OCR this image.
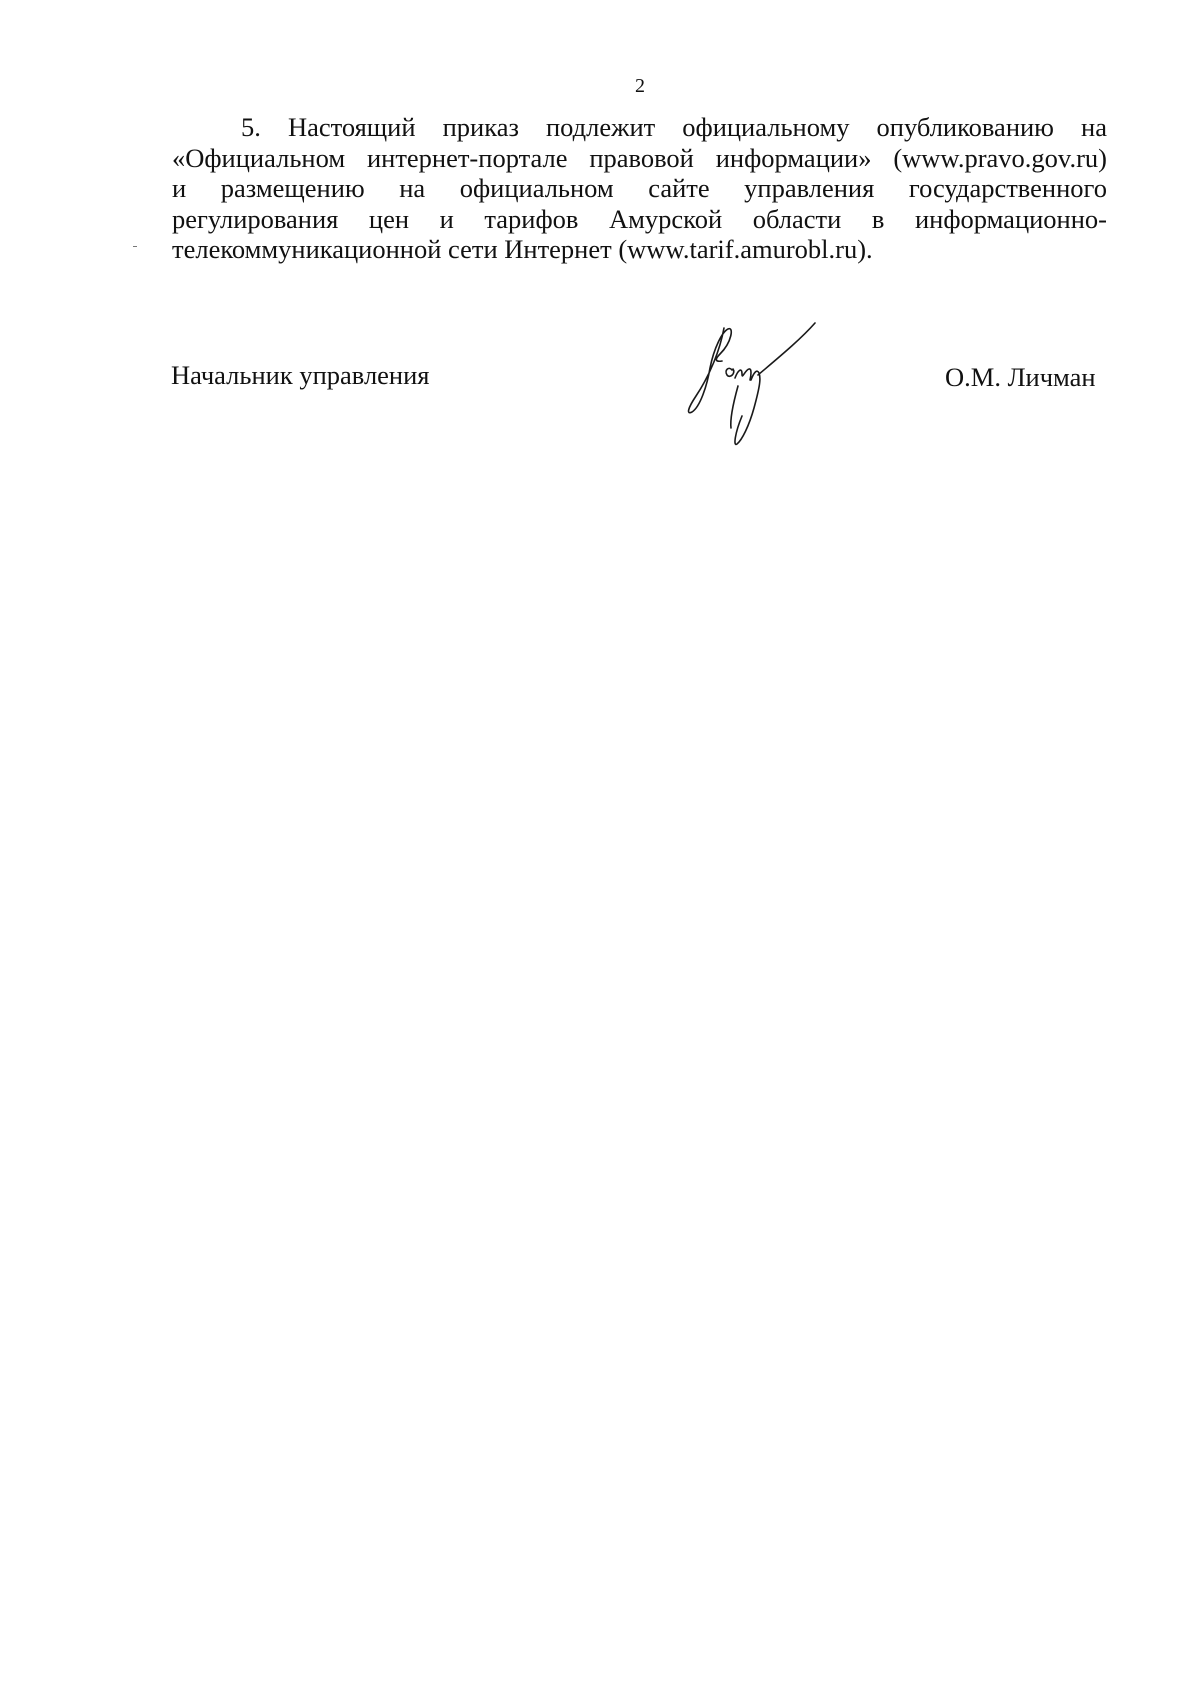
2
5. Настоящий приказ подлежит официальному опубликованию на
«Официальном интернет-портале правовой информации» (www.pravo.gov.ru)
и размещению на официальном сайте управления государственного
регулирования цен и тарифов Амурской области в информационно-
телекоммуникационной сети Интернет (www.tarif.amurobl.ru).
Начальник управления	О.М. Личман
